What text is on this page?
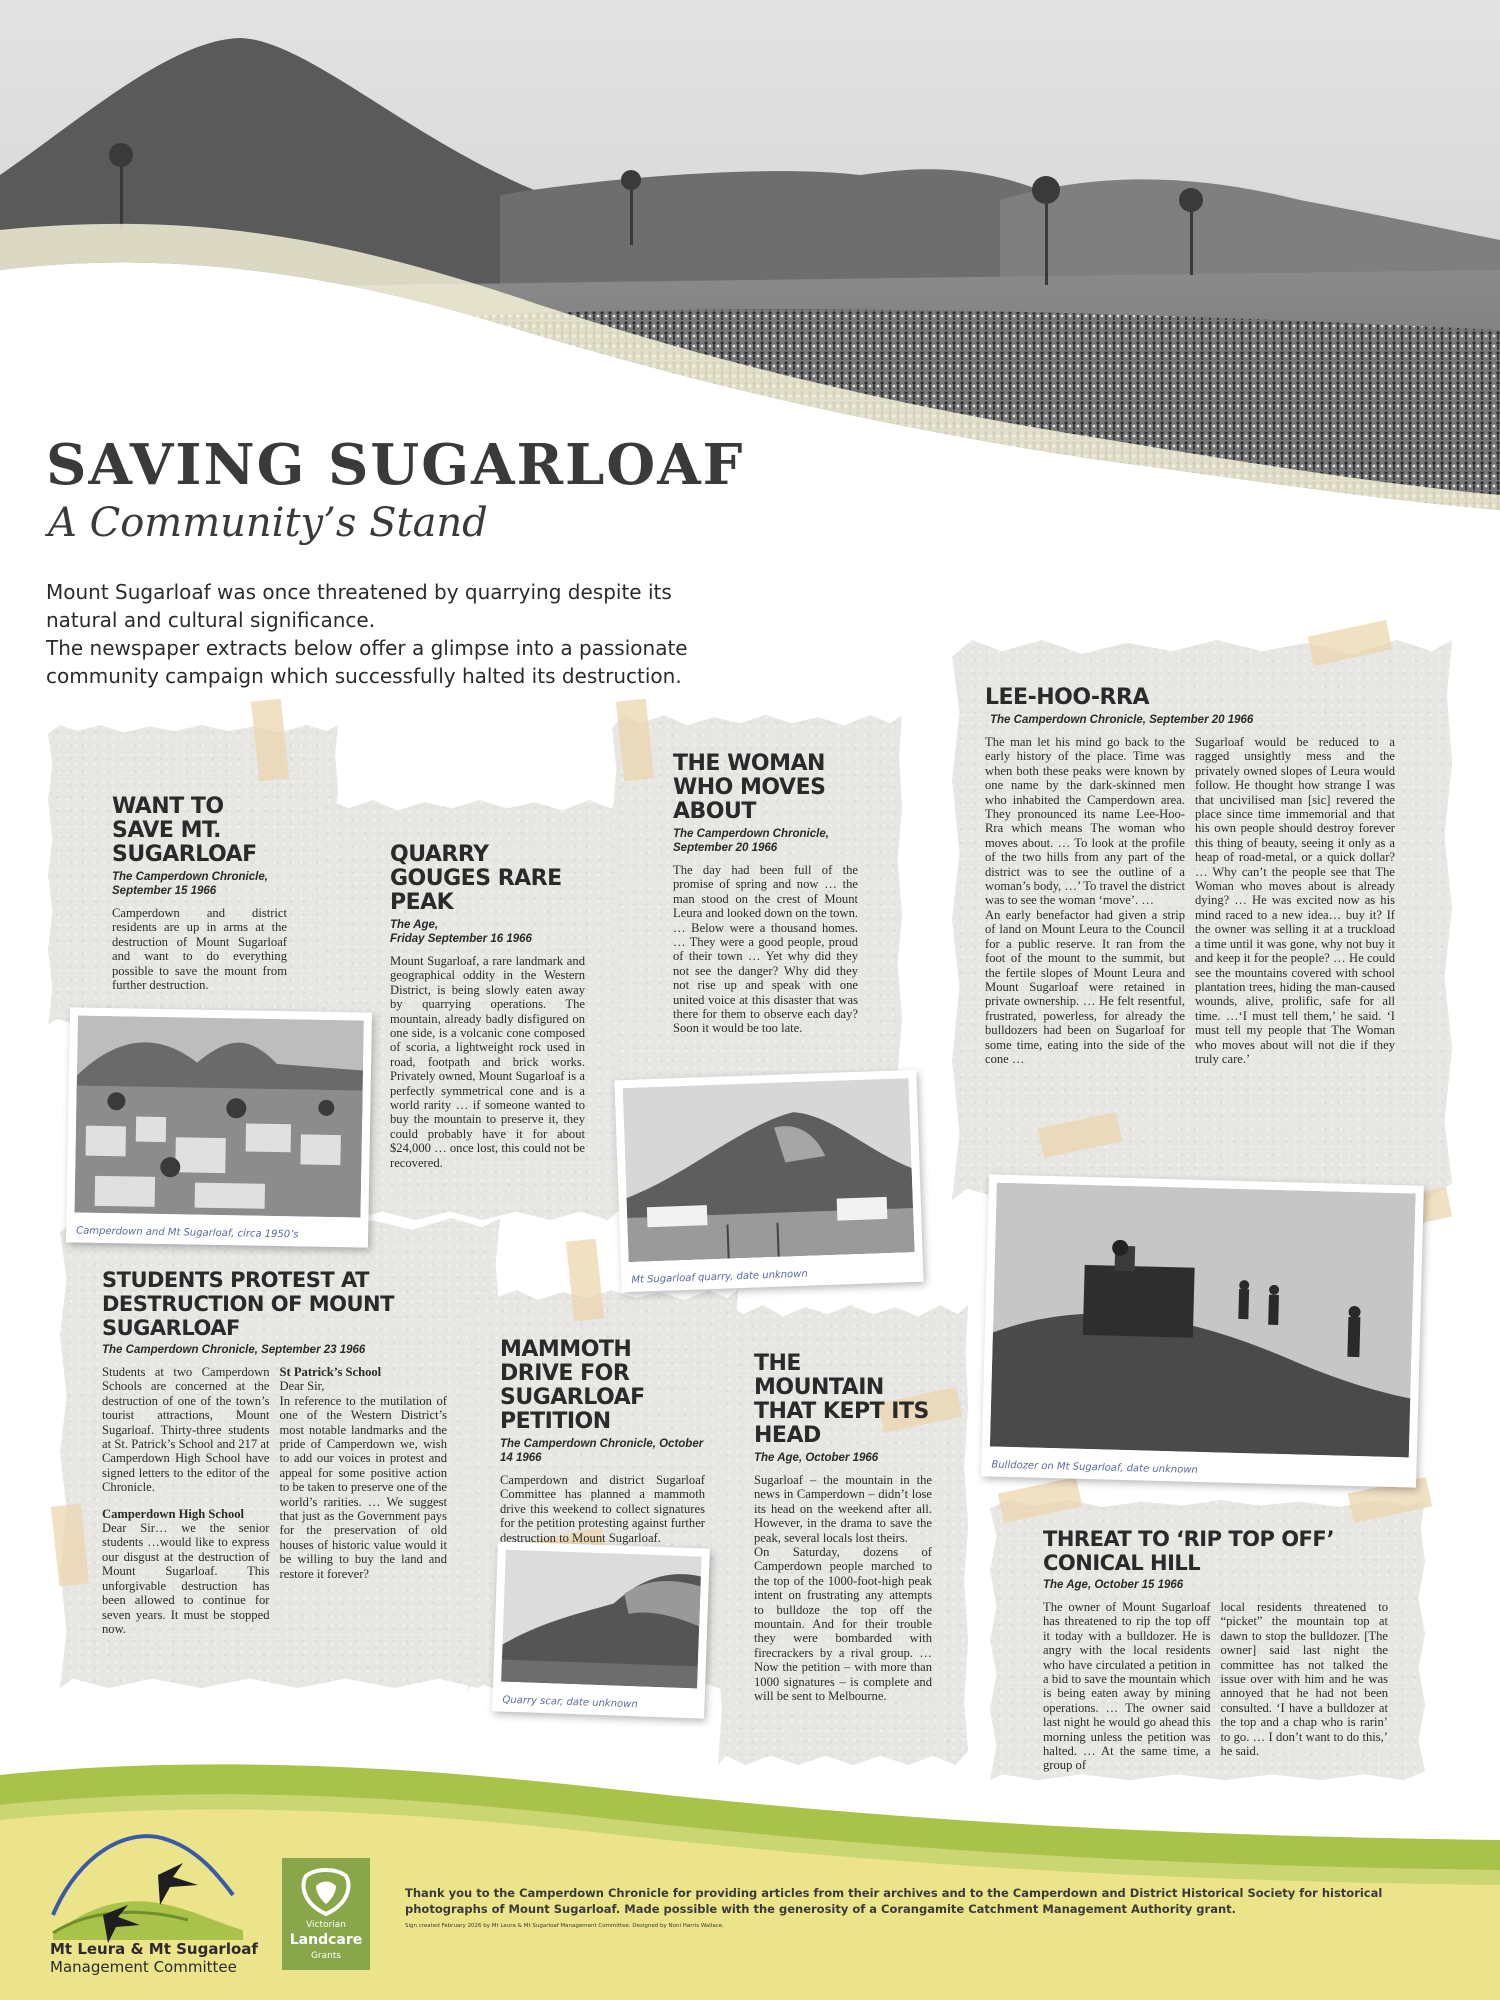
SAVING SUGARLOAF
A Community’s Stand

Mount Sugarloaf was once threatened by quarrying despite its natural and cultural significance.

The newspaper extracts below offer a glimpse into a passionate community campaign which successfully halted its destruction.

WANT TO SAVE MT. SUGARLOAF
The Camperdown Chronicle, September 15 1966
Camperdown and district residents are up in arms at the destruction of Mount Sugarloaf and want to do everything possible to save the mount from further destruction.
QUARRY GOUGES RARE PEAK
The Age,
Friday September 16 1966
Mount Sugarloaf, a rare landmark and geographical oddity in the Western District, is being slowly eaten away by quarrying operations. The mountain, already badly disfigured on one side, is a volcanic cone composed of scoria, a lightweight rock used in road, footpath and brick works. Privately owned, Mount Sugarloaf is a perfectly symmetrical cone and is a world rarity … if someone wanted to buy the mountain to preserve it, they could probably have it for about $24,000 … once lost, this could not be recovered.
THE WOMAN WHO MOVES ABOUT
The Camperdown Chronicle, September 20 1966
The day had been full of the promise of spring and now … the man stood on the crest of Mount Leura and looked down on the town. … Below were a thousand homes. … They were a good people, proud of their town … Yet why did they not see the danger? Why did they not rise up and speak with one united voice at this disaster that was there for them to observe each day? Soon it would be too late.
LEE-HOO-RRA
The Camperdown Chronicle, September 20 1966
The man let his mind go back to the early history of the place. Time was when both these peaks were known by one name by the dark-skinned men who inhabited the Camperdown area. They pronounced its name Lee-Hoo-Rra which means The woman who moves about. … To look at the profile of the two hills from any part of the district was to see the outline of a woman’s body, …’ To travel the district was to see the woman ‘move’. …
An early benefactor had given a strip of land on Mount Leura to the Council for a public reserve. It ran from the foot of the mount to the summit, but the fertile slopes of Mount Leura and Mount Sugarloaf were retained in private ownership. … He felt resentful, frustrated, powerless, for already the bulldozers had been on Sugarloaf for some time, eating into the side of the cone …
Sugarloaf would be reduced to a ragged unsightly mess and the privately owned slopes of Leura would follow. He thought how strange I was that uncivilised man [sic] revered the place since time immemorial and that his own people should destroy forever this thing of beauty, seeing it only as a heap of road-metal, or a quick dollar? … Why can’t the people see that The Woman who moves about is already dying? … He was excited now as his mind raced to a new idea… buy it? If the owner was selling it at a truckload a time until it was gone, why not buy it and keep it for the people? … He could see the mountains covered with school plantation trees, hiding the man-caused wounds, alive, prolific, safe for all time. …‘I must tell them,’ he said. ‘I must tell my people that The Woman who moves about will not die if they truly care.’
STUDENTS PROTEST AT DESTRUCTION OF MOUNT SUGARLOAF
The Camperdown Chronicle, September 23 1966
Students at two Camperdown Schools are concerned at the destruction of one of the town’s tourist attractions, Mount Sugarloaf. Thirty-three students at St. Patrick’s School and 217 at Camperdown High School have signed letters to the editor of the Chronicle.
Camperdown High School
Dear Sir… we the senior students …would like to express our disgust at the destruction of Mount Sugarloaf. This unforgivable destruction has been allowed to continue for seven years. It must be stopped now.
St Patrick’s School
Dear Sir,
In reference to the mutilation of one of the Western District’s most notable landmarks and the pride of Camperdown we, wish to add our voices in protest and appeal for some positive action to be taken to preserve one of the world’s rarities. … We suggest that just as the Government pays for the preservation of old houses of historic value would it be willing to buy the land and restore it forever?
MAMMOTH DRIVE FOR SUGARLOAF PETITION
The Camperdown Chronicle, October 14 1966
Camperdown and district Sugarloaf Committee has planned a mammoth drive this weekend to collect signatures for the petition protesting against further destruction to Mount Sugarloaf.
THE MOUNTAIN THAT KEPT ITS HEAD
The Age, October 1966
Sugarloaf – the mountain in the news in Camperdown – didn’t lose its head on the weekend after all. However, in the drama to save the peak, several locals lost theirs.
On Saturday, dozens of Camperdown people marched to the top of the 1000-foot-high peak intent on frustrating any attempts to bulldoze the top off the mountain. And for their trouble they were bombarded with firecrackers by a rival group. … Now the petition – with more than 1000 signatures – is complete and will be sent to Melbourne.
THREAT TO ‘RIP TOP OFF’ CONICAL HILL
The Age, October 15 1966
The owner of Mount Sugarloaf has threatened to rip the top off it today with a bulldozer. He is angry with the local residents who have circulated a petition in a bid to save the mountain which is being eaten away by mining operations. … The owner said last night he would go ahead this morning unless the petition was halted. … At the same time, a group of
local residents threatened to “picket” the mountain top at dawn to stop the bulldozer. [The owner] said last night the committee has not talked the issue over with him and he was annoyed that he had not been consulted. ‘I have a bulldozer at the top and a chap who is rarin’ to go. … I don’t want to do this,’ he said.
Camperdown and Mt Sugarloaf, circa 1950’s
Mt Sugarloaf quarry, date unknown
Bulldozer on Mt Sugarloaf, date unknown
Quarry scar, date unknown
Mt Leura & Mt Sugarloaf
Management Committee
Victorian
Landcare
Grants
Thank you to the Camperdown Chronicle for providing articles from their archives and to the Camperdown and District Historical Society for historical photographs of Mount Sugarloaf. Made possible with the generosity of a Corangamite Catchment Management Authority grant.
Sign created February 2026 by Mt Leura & Mt Sugarloaf Management Committee. Designed by Noni Harris Wallace.
